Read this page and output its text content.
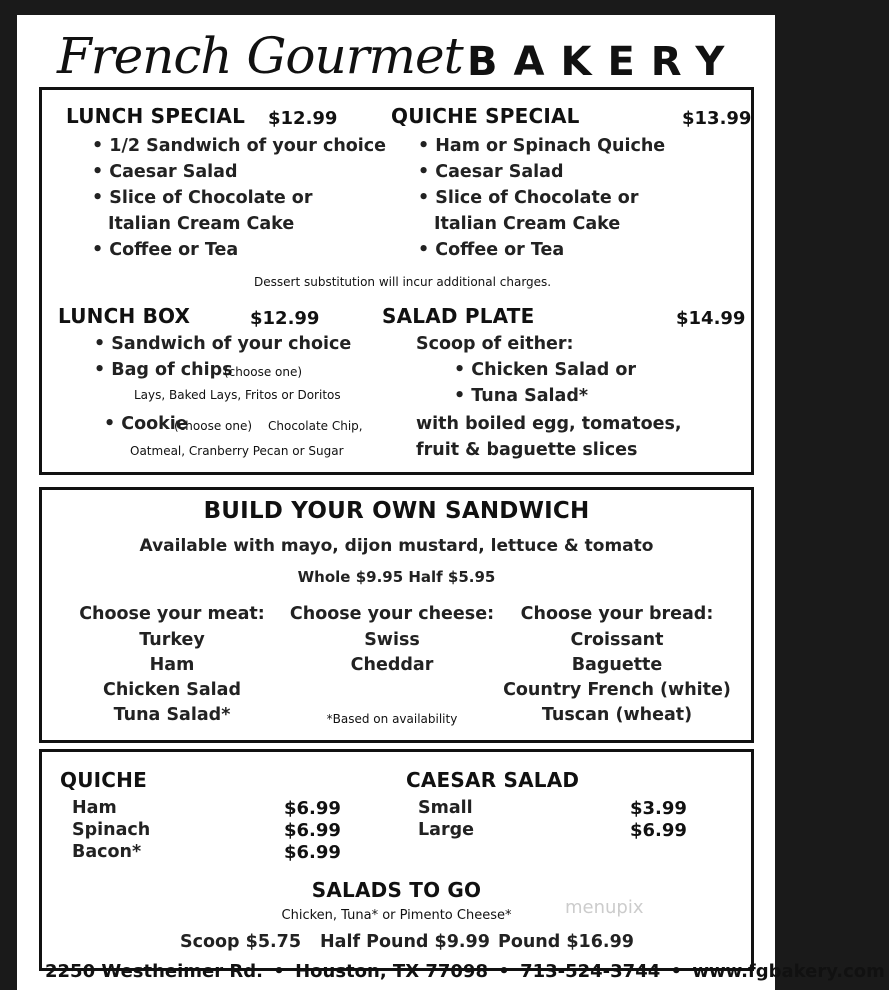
French Gourmet BAKERY
LUNCH SPECIAL $12.99
• 1/2 Sandwich of your choice
• Caesar Salad
• Slice of Chocolate or
Italian Cream Cake
• Coffee or Tea
QUICHE SPECIAL	$13.99
• Ham or Spinach Quiche
• Caesar Salad
• Slice of Chocolate or
Italian Cream Cake
• Coffee or Tea
Dessert substitution will incur additional charges.
LUNCH BOX	$12.99
• Sandwich of your choice
• Bag of chips
(choose one)
Lays, Baked Lays, Fritos or Doritos
• Cookie
(choose one) Chocolate Chip,
Oatmeal, Cranberry Pecan or Sugar
SALAD PLATE	$14.99
Scoop of either:
• Chicken Salad or
• Tuna Salad*
with boiled egg, tomatoes,
fruit & baguette slices
BUILD YOUR OWN SANDWICH
Available with mayo, dijon mustard, lettuce & tomato
Whole $9.95 Half $5.95
Choose your meat:
Turkey
Ham
Chicken Salad
Tuna Salad*
Choose your cheese:
Swiss
Cheddar
*Based on availability
Choose your bread:
Croissant
Baguette
Country French (white)
Tuscan (wheat)
QUICHE
Ham	$6.99
Spinach	$6.99
Bacon*	$6.99
CAESAR SALAD
Small	$3.99
Large	$6.99
SALADS TO GO
Chicken, Tuna* or Pimento Cheese*
Scoop $5.75 Half Pound $9.99 Pound $16.99
menupix
2250 Westheimer Rd. • Houston, TX 77098 • 713-524-3744 • www.fgbakery.com
